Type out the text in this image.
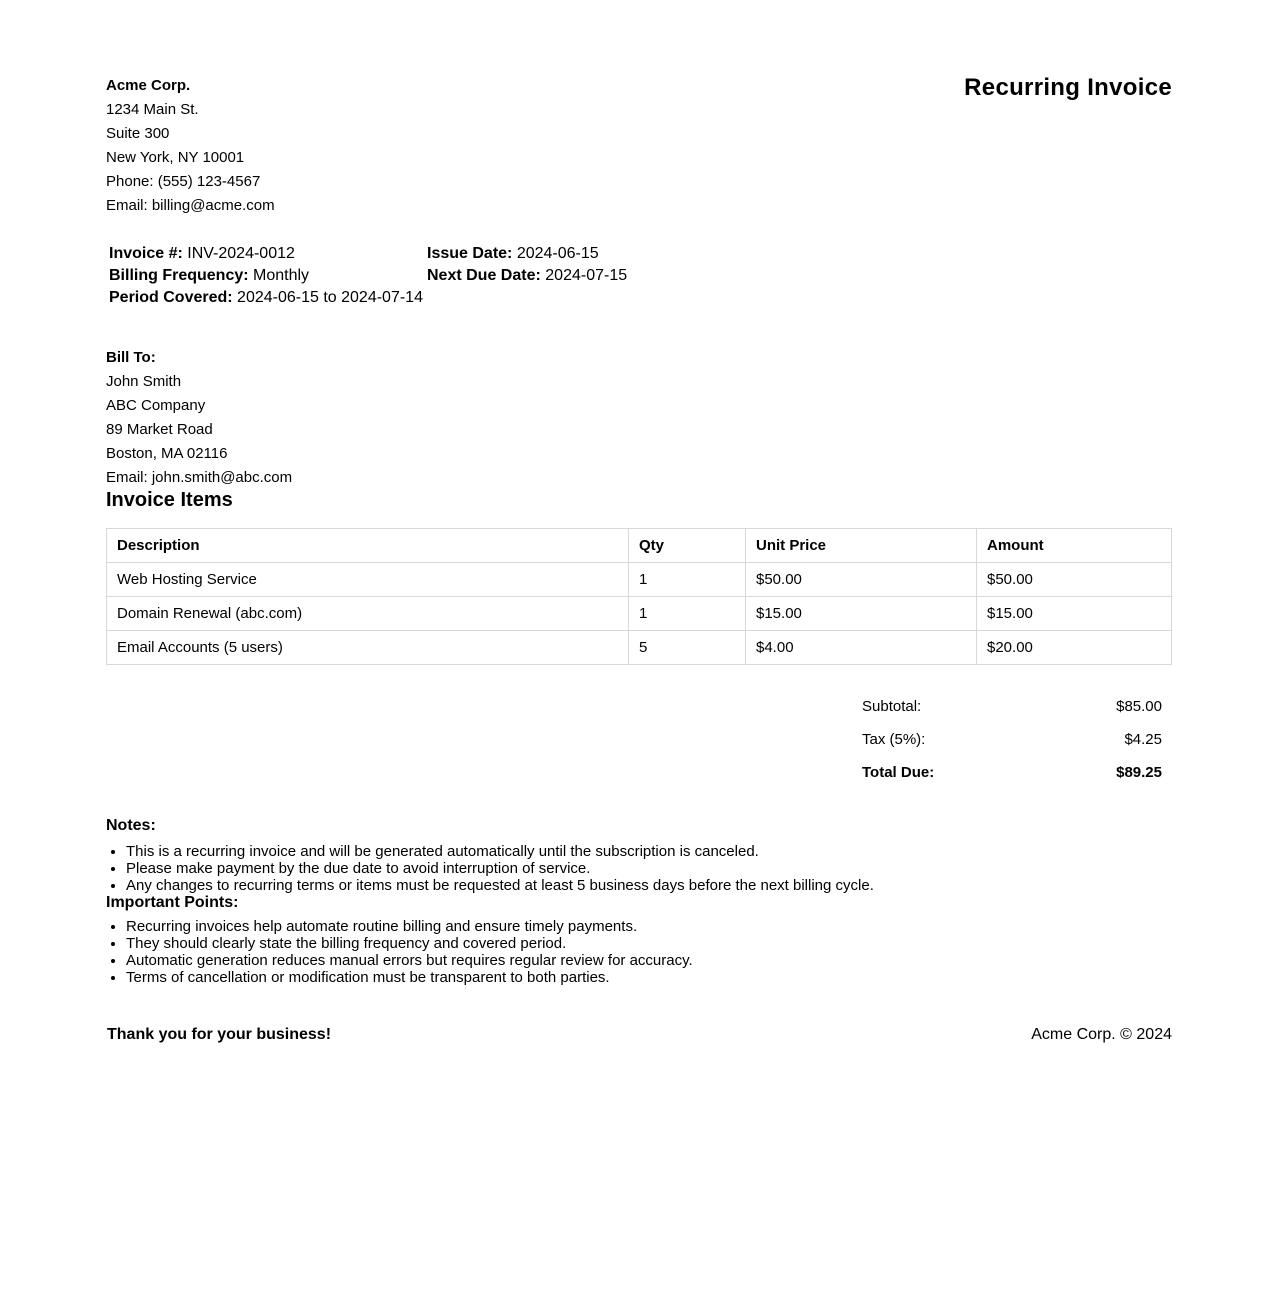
Acme Corp.
1234 Main St.
Suite 300
New York, NY 10001
Phone: (555) 123-4567
Email: billing@acme.com
Recurring Invoice
Invoice #: INV-2024-0012	Issue Date: 2024-06-15
Billing Frequency: Monthly	Next Due Date: 2024-07-15
Period Covered: 2024-06-15 to 2024-07-14
Bill To:
John Smith
ABC Company
89 Market Road
Boston, MA 02116
Email: john.smith@abc.com
Invoice Items
Description	Qty	Unit Price	Amount
Web Hosting Service	1	$50.00	$50.00
Domain Renewal (abc.com)	1	$15.00	$15.00
Email Accounts (5 users)	5	$4.00	$20.00
Subtotal:	$85.00
Tax (5%):	$4.25
Total Due:	$89.25
Notes:
• This is a recurring invoice and will be generated automatically until the subscription is canceled.
• Please make payment by the due date to avoid interruption of service.
• Any changes to recurring terms or items must be requested at least 5 business days before the next billing cycle.
Important Points:
• Recurring invoices help automate routine billing and ensure timely payments.
• They should clearly state the billing frequency and covered period.
• Automatic generation reduces manual errors but requires regular review for accuracy.
• Terms of cancellation or modification must be transparent to both parties.
Thank you for your business!	Acme Corp. © 2024
